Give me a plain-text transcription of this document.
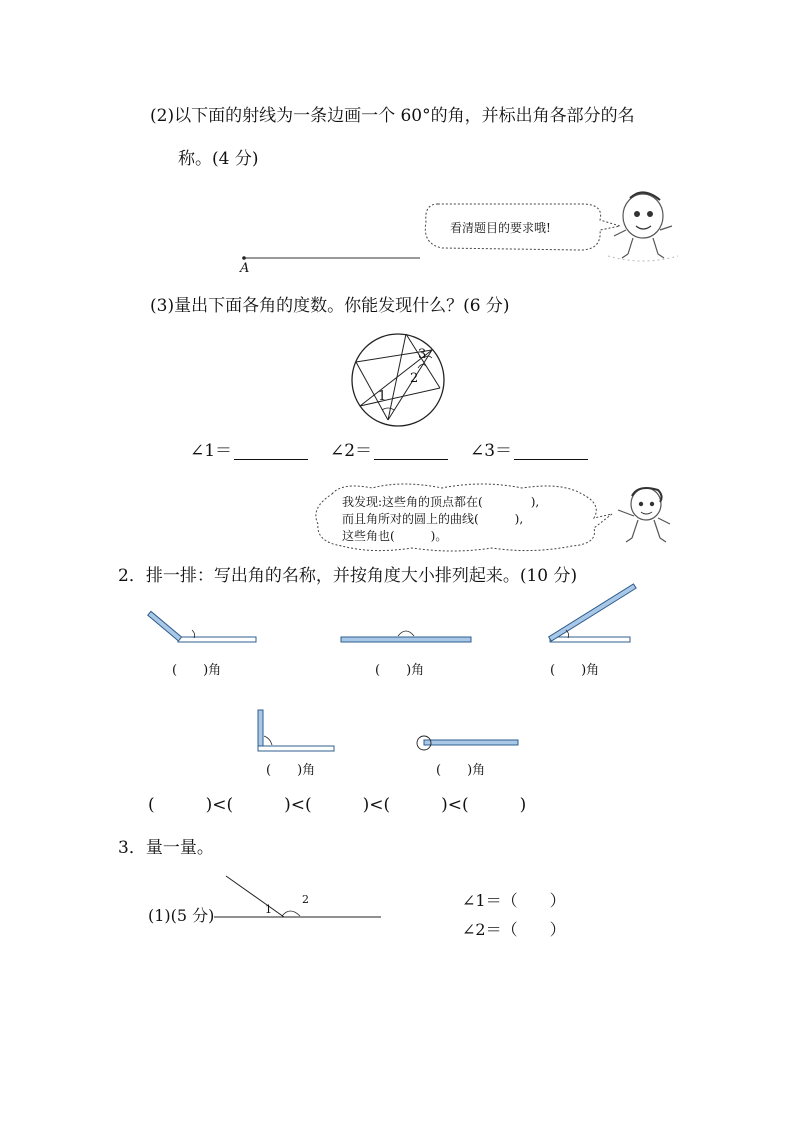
(2)以下面的射线为一条边画一个 60°的角，并标出角各部分的名
称。(4 分)
A
看清题目的要求哦!
(3)量出下面各角的度数。你能发现什么？(6 分)
1
2
3
∠1＝	∠2＝	∠3＝
我发现:这些角的顶点都在(　　　　),
而且角所对的圆上的曲线(　　　),
这些角也(　　　)。
2．排一排：写出角的名称，并按角度大小排列起来。(10 分)
(　　)角	(　　)角	(　　)角
(　　)角	(　　)角
(　　　)<(　　　)<(　　　)<(　　　)<(　　　)
3．量一量。
(1)(5 分)	1
2	∠1＝（　　）
∠2＝（　　）
